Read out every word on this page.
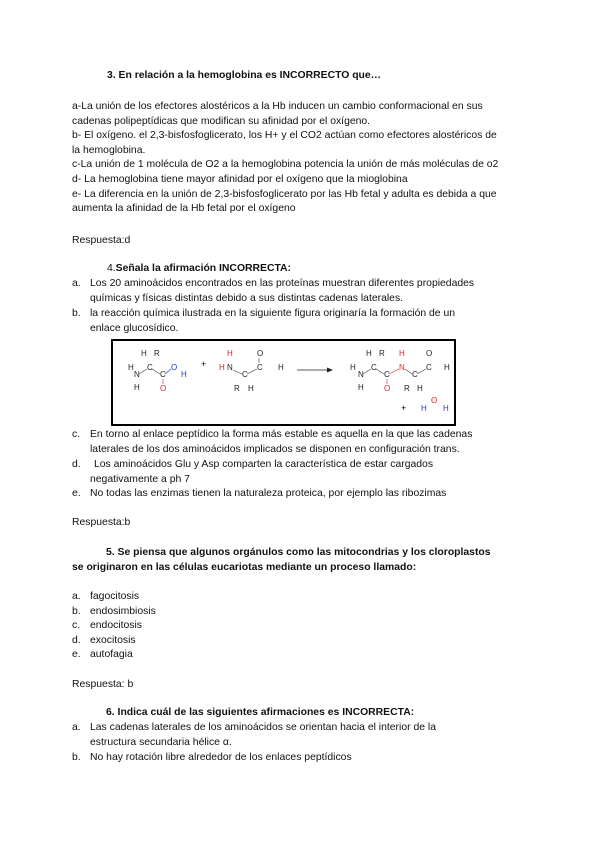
3. En relación a la hemoglobina es INCORRECTO que…
a-La unión de los efectores alostéricos a la Hb inducen un cambio conformacional en sus
cadenas polipeptídicas que modifican su afinidad por el oxígeno.
b- El oxígeno. el 2,3-bisfosfoglicerato, los H+ y el CO2 actúan como efectores alostéricos de
la hemoglobina.
c-La unión de 1 molécula de O2 a la hemoglobina potencia la unión de más moléculas de o2
d- La hemoglobina tiene mayor afinidad por el oxígeno que la mioglobina
e- La diferencia en la unión de 2,3-bisfosfoglicerato por las Hb fetal y adulta es debida a que
aumenta la afinidad de la Hb fetal por el oxígeno
Respuesta:d
4.Señala la afirmación INCORRECTA:
a. Los 20 aminoácidos encontrados en las proteínas muestran diferentes propiedades
químicas y físicas distintas debido a sus distintas cadenas laterales.
b. la reacción química ilustrada en la siguiente figura originaría la formación de un
enlace glucosídico.
H R
H
N
C
C
H	O
O
H
+
H
H N
C
C
O
H
R H
H R H
H
N
C
C
N
C
C
O
H
H	O R H
+ H
O
H
c. En torno al enlace peptídico la forma más estable es aquella en la que las cadenas
laterales de los dos aminoácidos implicados se disponen en configuración trans.
d.	Los aminoácidos Glu y Asp comparten la característica de estar cargados
negativamente a ph 7
e. No todas las enzimas tienen la naturaleza proteica, por ejemplo las ribozimas
Respuesta:b
5. Se piensa que algunos orgánulos como las mitocondrias y los cloroplastos
se originaron en las células eucariotas mediante un proceso llamado:
a. fagocitosis
b. endosimbiosis
c. endocitosis
d. exocitosis
e. autofagia
Respuesta: b
6. Indica cuál de las siguientes afirmaciones es INCORRECTA:
a. Las cadenas laterales de los aminoácidos se orientan hacia el interior de la
estructura secundaria hélice α.
b. No hay rotación libre alrededor de los enlaces peptídicos
